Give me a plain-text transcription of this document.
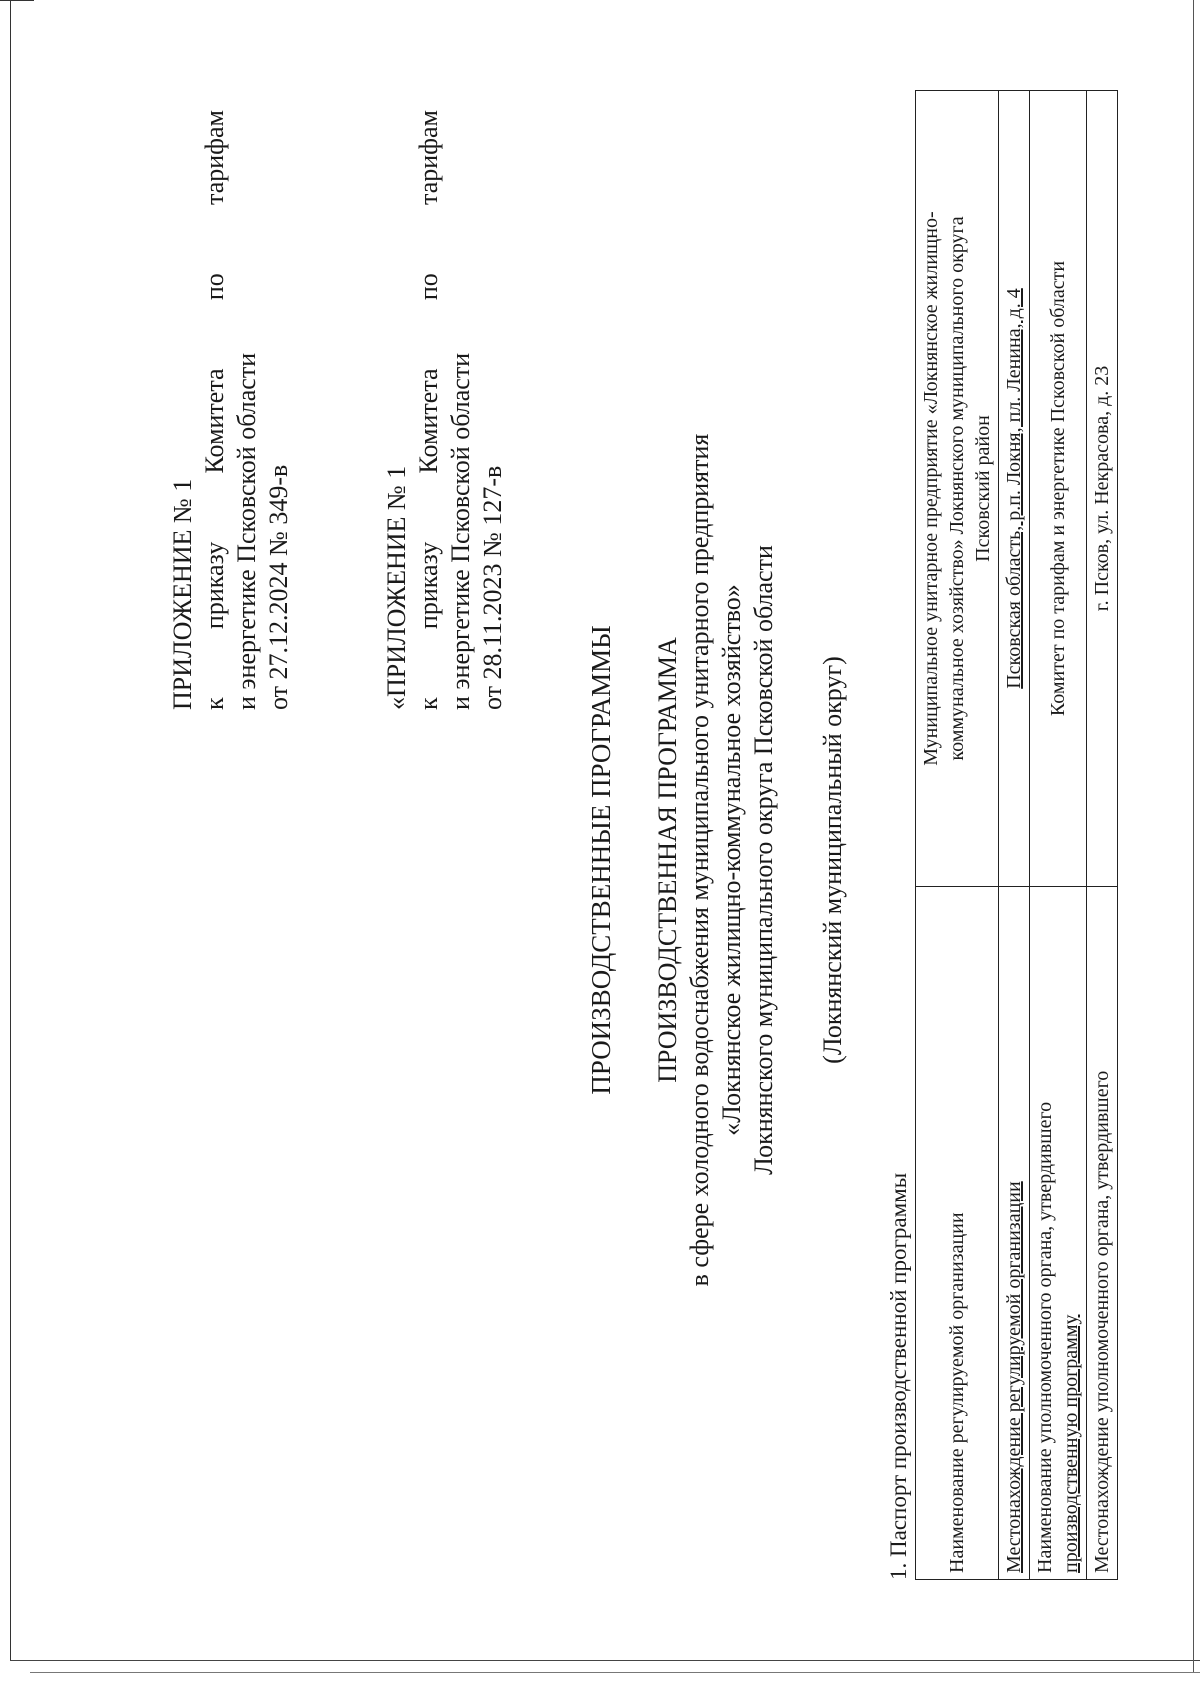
ПРИЛОЖЕНИЕ № 1 к
приказу
Комитета
по
тарифам
и энергетике Псковской области от 27.12.2024 № 349-в	«ПРИЛОЖЕНИЕ № 1 к
приказу
Комитета
по
тарифам
и энергетике Псковской области от 28.11.2023 № 127-в
ПРОИЗВОДСТВЕННЫЕ ПРОГРАММЫ ПРОИЗВОДСТВЕННАЯ ПРОГРАММА в сфере холодного водоснабжения муниципального унитарного предприятия «Локнянское жилищно-коммунальное хозяйство» Локнянского муниципального округа Псковской области (Локнянский муниципальный округ)
1. Паспорт производственной программы Наименование регулируемой организации	Муниципальное унитарное предприятие «Локнянское жилищно- коммунальное хозяйство» Локнянского муниципального округа Псковский район

Местонахождение регулируемой организации	Псковская область, р.п. Локня, пл. Ленина, д. 4

Наименование уполномоченного органа, утвердившего производственную программу	Комитет по тарифам и энергетике Псковской области
Местонахождение уполномоченного органа, утвердившего	г. Псков, ул. Некрасова, д. 23
